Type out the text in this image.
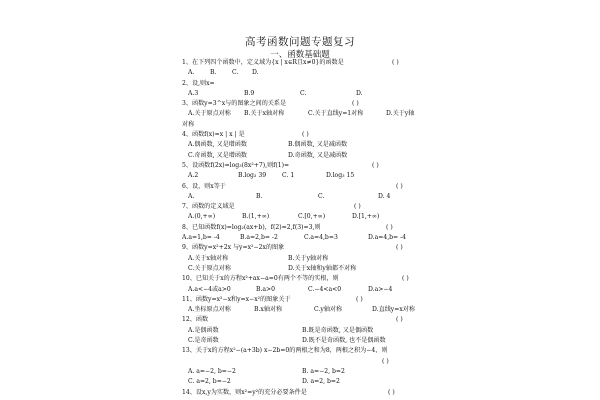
高考函数问题专题复习
一、函数基础题
1、在下列四个函数中，定义域为{x | x∈R且x≠0}的函数是	( )
A.	B.	C. D.
2、设,则x=
A.3	B.9	C.	D.
3、函数y=3^x与的图象之间的关系是	( )
A.关于原点对称 B.关于x轴对称	C.关于直线y=1对称	D.关于y轴
对称
4、函数f(x)=x | x | 是	( )
A.偶函数, 又是增函数	B.偶函数, 又是减函数
C.奇函数, 又是增函数	D.奇函数, 又是减函数
5、设函数f(2x)=log₃(8x²+7),则f(1)=	( )
A.2	B.log₃ 39	C. 1	D.log₃ 15
6、设，则x等于	( )
A.	B.	C.	D. 4
7、函数的定义域是	( )
A.(0,+∞)	B.(1,+∞)	C.[0,+∞)	D.[1,+∞)
8、已知函数f(x)=log₂(ax+b)，f(2)=2,f(3)=3,则	( )
A.a=1,b= -4	B.a=2,b= -2	C.a=4,b=3	D.a=4,b= -4
9、函数y=x²+2x 与y=x²−2x的图象	( )
A.关于x轴对称	B.关于y轴对称
C.关于原点对称	D.关于x轴和y轴都不对称
10、已知关于x的方程x²+ax−a=0有两个不等的实根，则	( )
A.a<−4或a>0	B.a>0	C.−4<a<0	D.a>−4
11、函数y=x²−x和y=x−x²的图象关于	( )
A.坐标原点对称	B.x轴对称	C.y轴对称	D.直线y=x对称
12、函数	( )
A.是偶函数	B.既是奇函数, 又是偶函数
C.是奇函数	D.既不是奇函数, 也不是偶函数
13、关于x的方程x²−(a+3b) x−2b=0的两根之和为8，两根之积为−4，则
( )
A. a=−2, b=−2	B. a=−2, b=2
C. a=2, b=−2	D. a=2, b=2
14、设x,y为实数，则x²=y²的充分必要条件是	( )
